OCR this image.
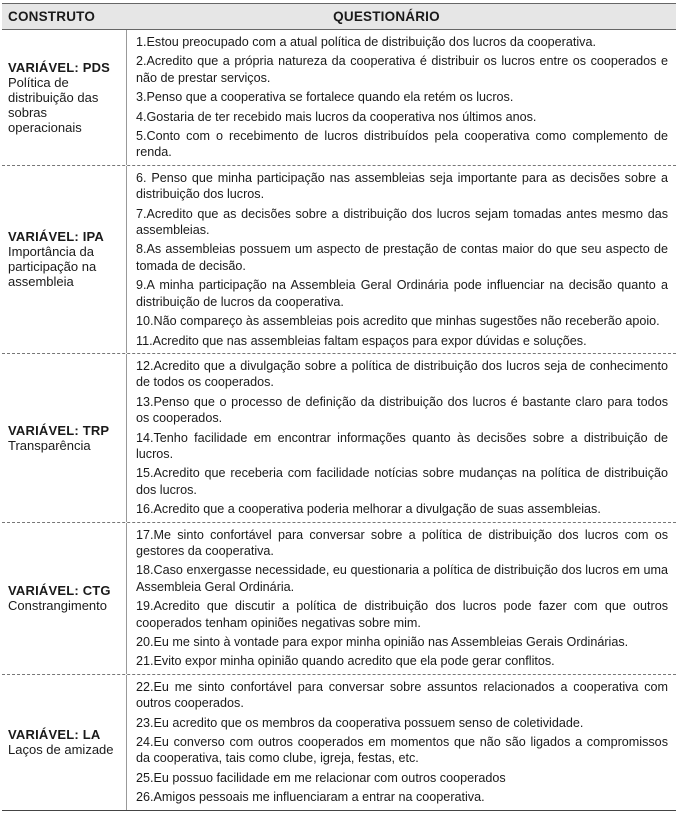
CONSTRUTO	QUESTIONÁRIO
VARIÁVEL: PDS
Política de distribuição das sobras operacionais
1.Estou preocupado com a atual política de distribuição dos lucros da cooperativa.
2.Acredito que a própria natureza da cooperativa é distribuir os lucros entre os cooperados e não de prestar serviços.
3.Penso que a cooperativa se fortalece quando ela retém os lucros.
4.Gostaria de ter recebido mais lucros da cooperativa nos últimos anos.
5.Conto com o recebimento de lucros distribuídos pela cooperativa como complemento de renda.
VARIÁVEL: IPA
Importância da participação na assembleia
6. Penso que minha participação nas assembleias seja importante para as decisões sobre a distribuição dos lucros.
7.Acredito que as decisões sobre a distribuição dos lucros sejam tomadas antes mesmo das assembleias.
8.As assembleias possuem um aspecto de prestação de contas maior do que seu aspecto de tomada de decisão.
9.A minha participação na Assembleia Geral Ordinária pode influenciar na decisão quanto a distribuição de lucros da cooperativa.
10.Não compareço às assembleias pois acredito que minhas sugestões não receberão apoio.
11.Acredito que nas assembleias faltam espaços para expor dúvidas e soluções.
VARIÁVEL: TRP
Transparência
12.Acredito que a divulgação sobre a política de distribuição dos lucros seja de conhecimento de todos os cooperados.
13.Penso que o processo de definição da distribuição dos lucros é bastante claro para todos os cooperados.
14.Tenho facilidade em encontrar informações quanto às decisões sobre a distribuição de lucros.
15.Acredito que receberia com facilidade notícias sobre mudanças na política de distribuição dos lucros.
16.Acredito que a cooperativa poderia melhorar a divulgação de suas assembleias.
VARIÁVEL: CTG
Constrangimento
17.Me sinto confortável para conversar sobre a política de distribuição dos lucros com os gestores da cooperativa.
18.Caso enxergasse necessidade, eu questionaria a política de distribuição dos lucros em uma Assembleia Geral Ordinária.
19.Acredito que discutir a política de distribuição dos lucros pode fazer com que outros cooperados tenham opiniões negativas sobre mim.
20.Eu me sinto à vontade para expor minha opinião nas Assembleias Gerais Ordinárias.
21.Evito expor minha opinião quando acredito que ela pode gerar conflitos.
VARIÁVEL: LA
Laços de amizade
22.Eu me sinto confortável para conversar sobre assuntos relacionados a cooperativa com outros cooperados.
23.Eu acredito que os membros da cooperativa possuem senso de coletividade.
24.Eu converso com outros cooperados em momentos que não são ligados a compromissos da cooperativa, tais como clube, igreja, festas, etc.
25.Eu possuo facilidade em me relacionar com outros cooperados
26.Amigos pessoais me influenciaram a entrar na cooperativa.
